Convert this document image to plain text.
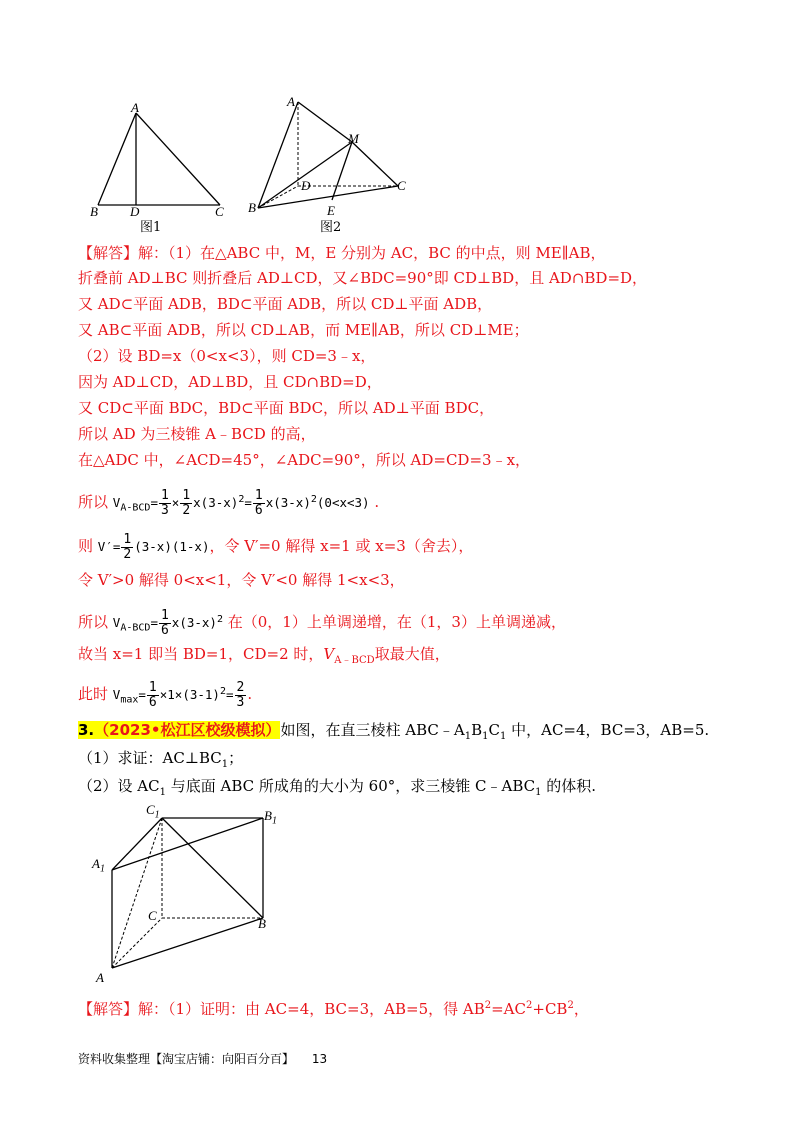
A
B D	C
图1
A
M
D	C
B	E
图2
【解答】解：（1）在△ABC 中，M，E 分别为 AC，BC 的中点，则 ME∥AB，
折叠前 AD⊥BC 则折叠后 AD⊥CD，又∠BDC=90°即 CD⊥BD，且 AD∩BD=D，
又 AD⊂平面 ADB，BD⊂平面 ADB，所以 CD⊥平面 ADB，
又 AB⊂平面 ADB，所以 CD⊥AB，而 ME∥AB，所以 CD⊥ME；
（2）设 BD=x（0<x<3），则 CD=3﹣x，
因为 AD⊥CD，AD⊥BD，且 CD∩BD=D，
又 CD⊂平面 BDC，BD⊂平面 BDC，所以 AD⊥平面 BDC，
所以 AD 为三棱锥 A﹣BCD 的高，
在△ADC 中，∠ACD=45°，∠ADC=90°，所以 AD=CD=3﹣x，
所以 $V_{A-BCD}= \frac{1}{3} \times \frac{1}{2} x(3-x)^2= \frac{1}{6} x(3-x)^2(0<x<3)$ .
则 $V'= \frac{1}{2} (3-x)(1-x)$，令 V′=0 解得 x=1 或 x=3（舍去），
令 V′>0 解得 0<x<1，令 V′<0 解得 1<x<3，
所以 $V_{A-BCD}= \frac{1}{6} x(3-x)^2$ 在（0，1）上单调递增，在（1，3）上单调递减，
故当 x=1 即当 BD=1，CD=2 时，$V_{A﹣BCD}$取最大值，
此时 $V_{max}= \frac{1}{6} \times 1\times(3-1)^2= \frac{2}{3}$ .
3.（2023•松江区校级模拟）如图，在直三棱柱 $ABC﹣A_1B_1C_1$ 中，AC=4，BC=3，AB=5.
（1）求证：$AC\perp BC_1$；
（2）设 $AC_1$ 与底面 ABC 所成角的大小为 60°，求三棱锥 $C﹣ABC_1$ 的体积.
$C_1$	$B_1$
$A_1$
C
B
A
【解答】解：（1）证明：由 AC=4，BC=3，AB=5，得 $AB^2=AC^2+CB^2$，
资料收集整理【淘宝店铺：向阳百分百】 13
